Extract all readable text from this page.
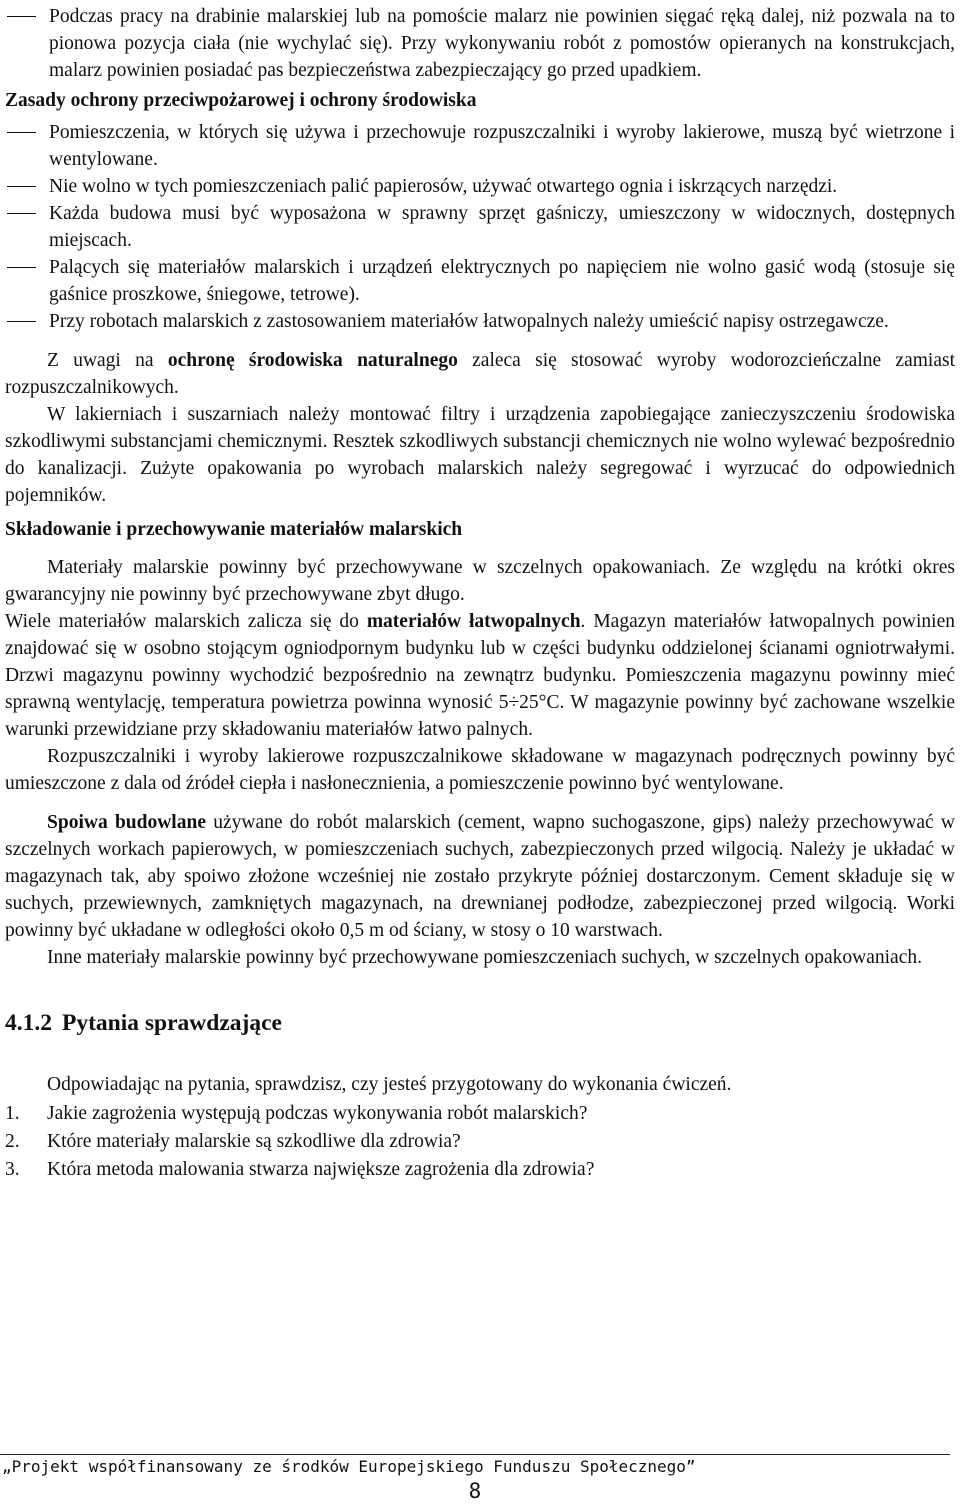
Podczas pracy na drabinie malarskiej lub na pomoście malarz nie powinien sięgać ręką dalej, niż pozwala na to pionowa pozycja ciała (nie wychylać się). Przy wykonywaniu robót z pomostów opieranych na konstrukcjach, malarz powinien posiadać pas bezpieczeństwa zabezpieczający go przed upadkiem.
Zasady ochrony przeciwpożarowej i ochrony środowiska
Pomieszczenia, w których się używa i przechowuje rozpuszczalniki i wyroby lakierowe, muszą być wietrzone i wentylowane.
Nie wolno w tych pomieszczeniach palić papierosów, używać otwartego ognia i iskrzących narzędzi.
Każda budowa musi być wyposażona w sprawny sprzęt gaśniczy, umieszczony w widocznych, dostępnych miejscach.
Palących się materiałów malarskich i urządzeń elektrycznych po napięciem nie wolno gasić wodą (stosuje się gaśnice proszkowe, śniegowe, tetrowe).
Przy robotach malarskich z zastosowaniem materiałów łatwopalnych należy umieścić napisy ostrzegawcze.

Z uwagi na ochronę środowiska naturalnego zaleca się stosować wyroby wodorozcieńczalne zamiast rozpuszczalnikowych.

W lakierniach i suszarniach należy montować filtry i urządzenia zapobiegające zanieczyszczeniu środowiska szkodliwymi substancjami chemicznymi. Resztek szkodliwych substancji chemicznych nie wolno wylewać bezpośrednio do kanalizacji. Zużyte opakowania po wyrobach malarskich należy segregować i wyrzucać do odpowiednich pojemników.

Składowanie i przechowywanie materiałów malarskich

Materiały malarskie powinny być przechowywane w szczelnych opakowaniach. Ze względu na krótki okres gwarancyjny nie powinny być przechowywane zbyt długo.

Wiele materiałów malarskich zalicza się do materiałów łatwopalnych. Magazyn materiałów łatwopalnych powinien znajdować się w osobno stojącym ogniodpornym budynku lub w części budynku oddzielonej ścianami ogniotrwałymi. Drzwi magazynu powinny wychodzić bezpośrednio na zewnątrz budynku. Pomieszczenia magazynu powinny mieć sprawną wentylację, temperatura powietrza powinna wynosić 5÷25°C. W magazynie powinny być zachowane wszelkie warunki przewidziane przy składowaniu materiałów łatwo palnych.

Rozpuszczalniki i wyroby lakierowe rozpuszczalnikowe składowane w magazynach podręcznych powinny być umieszczone z dala od źródeł ciepła i nasłonecznienia, a pomieszczenie powinno być wentylowane.

Spoiwa budowlane używane do robót malarskich (cement, wapno suchogaszone, gips) należy przechowywać w szczelnych workach papierowych, w pomieszczeniach suchych, zabezpieczonych przed wilgocią. Należy je układać w magazynach tak, aby spoiwo złożone wcześniej nie zostało przykryte później dostarczonym. Cement składuje się w suchych, przewiewnych, zamkniętych magazynach, na drewnianej podłodze, zabezpieczonej przed wilgocią. Worki powinny być układane w odległości około 0,5 m od ściany, w stosy o 10 warstwach.

Inne materiały malarskie powinny być przechowywane pomieszczeniach suchych, w szczelnych opakowaniach.

4.1.2 Pytania sprawdzające

Odpowiadając na pytania, sprawdzisz, czy jesteś przygotowany do wykonania ćwiczeń.

1. Jakie zagrożenia występują podczas wykonywania robót malarskich?
2. Które materiały malarskie są szkodliwe dla zdrowia?
3. Która metoda malowania stwarza największe zagrożenia dla zdrowia?
„Projekt współfinansowany ze środków Europejskiego Funduszu Społecznego”
8
